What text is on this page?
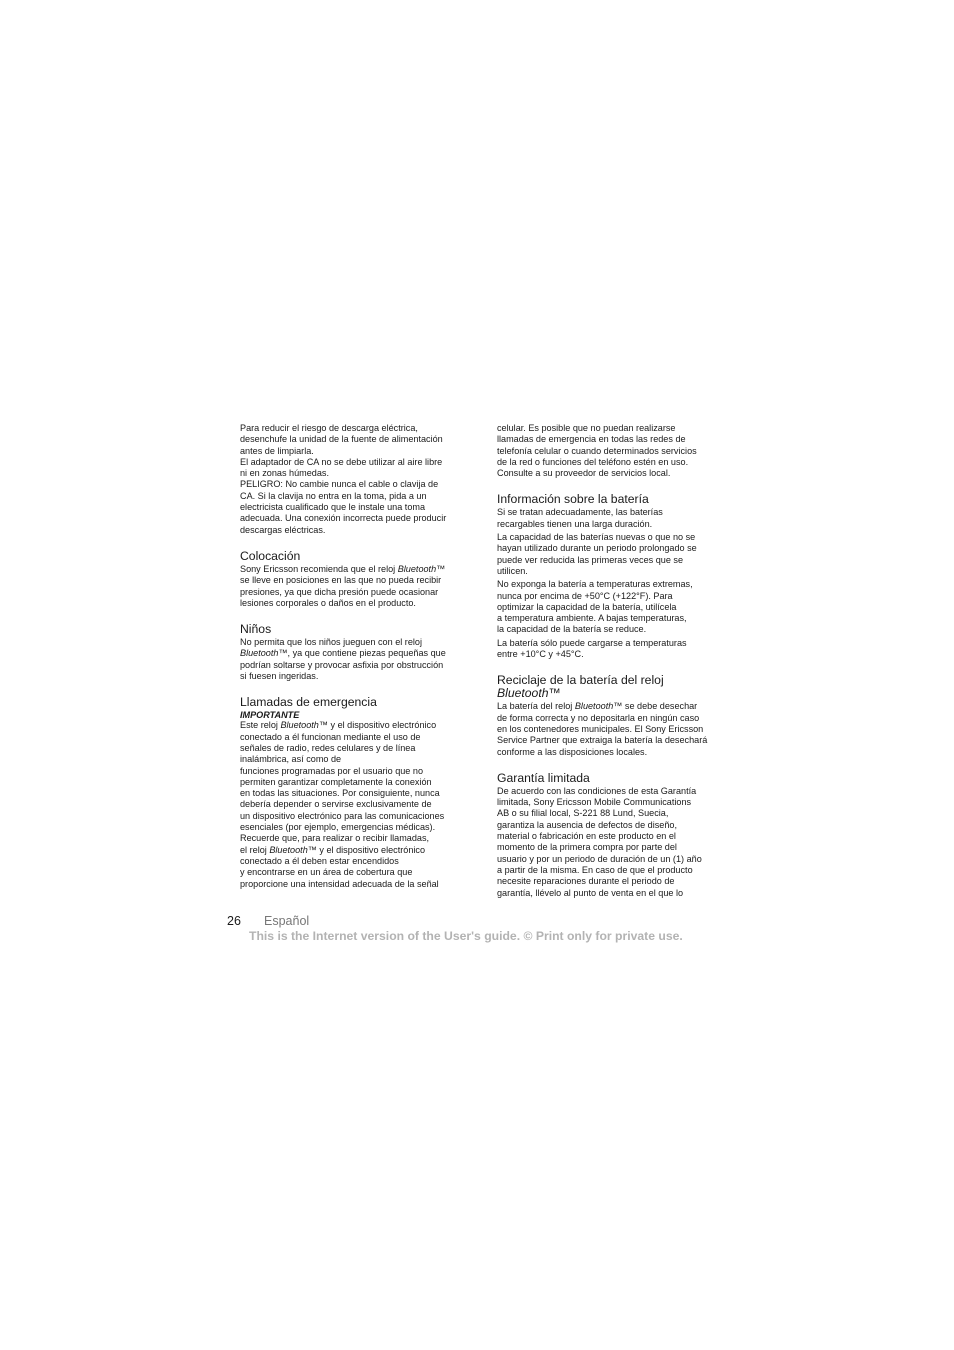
Para reducir el riesgo de descarga eléctrica,
desenchufe la unidad de la fuente de alimentación
antes de limpiarla.
El adaptador de CA no se debe utilizar al aire libre
ni en zonas húmedas.
PELIGRO: No cambie nunca el cable o clavija de
CA. Si la clavija no entra en la toma, pida a un
electricista cualificado que le instale una toma
adecuada. Una conexión incorrecta puede producir
descargas eléctricas.

Colocación

Sony Ericsson recomienda que el reloj Bluetooth™
se lleve en posiciones en las que no pueda recibir
presiones, ya que dicha presión puede ocasionar
lesiones corporales o daños en el producto.

Niños

No permita que los niños jueguen con el reloj
Bluetooth™, ya que contiene piezas pequeñas que
podrían soltarse y provocar asfixia por obstrucción
si fuesen ingeridas.

Llamadas de emergencia
IMPORTANTE

Este reloj Bluetooth™ y el dispositivo electrónico
conectado a él funcionan mediante el uso de
señales de radio, redes celulares y de línea
inalámbrica, así como de
funciones programadas por el usuario que no
permiten garantizar completamente la conexión
en todas las situaciones. Por consiguiente, nunca
debería depender o servirse exclusivamente de
un dispositivo electrónico para las comunicaciones
esenciales (por ejemplo, emergencias médicas).
Recuerde que, para realizar o recibir llamadas,
el reloj Bluetooth™ y el dispositivo electrónico
conectado a él deben estar encendidos
y encontrarse en un área de cobertura que
proporcione una intensidad adecuada de la señal

celular. Es posible que no puedan realizarse
llamadas de emergencia en todas las redes de
telefonía celular o cuando determinados servicios
de la red o funciones del teléfono estén en uso.
Consulte a su proveedor de servicios local.

Información sobre la batería

Si se tratan adecuadamente, las baterías
recargables tienen una larga duración.

La capacidad de las baterías nuevas o que no se
hayan utilizado durante un periodo prolongado se
puede ver reducida las primeras veces que se
utilicen.

No exponga la batería a temperaturas extremas,
nunca por encima de +50°C (+122°F). Para
optimizar la capacidad de la batería, utilícela
a temperatura ambiente. A bajas temperaturas,
la capacidad de la batería se reduce.

La batería sólo puede cargarse a temperaturas
entre +10°C y +45°C.

Reciclaje de la batería del reloj
Bluetooth™

La batería del reloj Bluetooth™ se debe desechar
de forma correcta y no depositarla en ningún caso
en los contenedores municipales. El Sony Ericsson
Service Partner que extraiga la batería la desechará
conforme a las disposiciones locales.

Garantía limitada

De acuerdo con las condiciones de esta Garantía
limitada, Sony Ericsson Mobile Communications
AB o su filial local, S-221 88 Lund, Suecia,
garantiza la ausencia de defectos de diseño,
material o fabricación en este producto en el
momento de la primera compra por parte del
usuario y por un periodo de duración de un (1) año
a partir de la misma. En caso de que el producto
necesite reparaciones durante el periodo de
garantía, llévelo al punto de venta en el que lo

26 Español
This is the Internet version of the User's guide. © Print only for private use.
